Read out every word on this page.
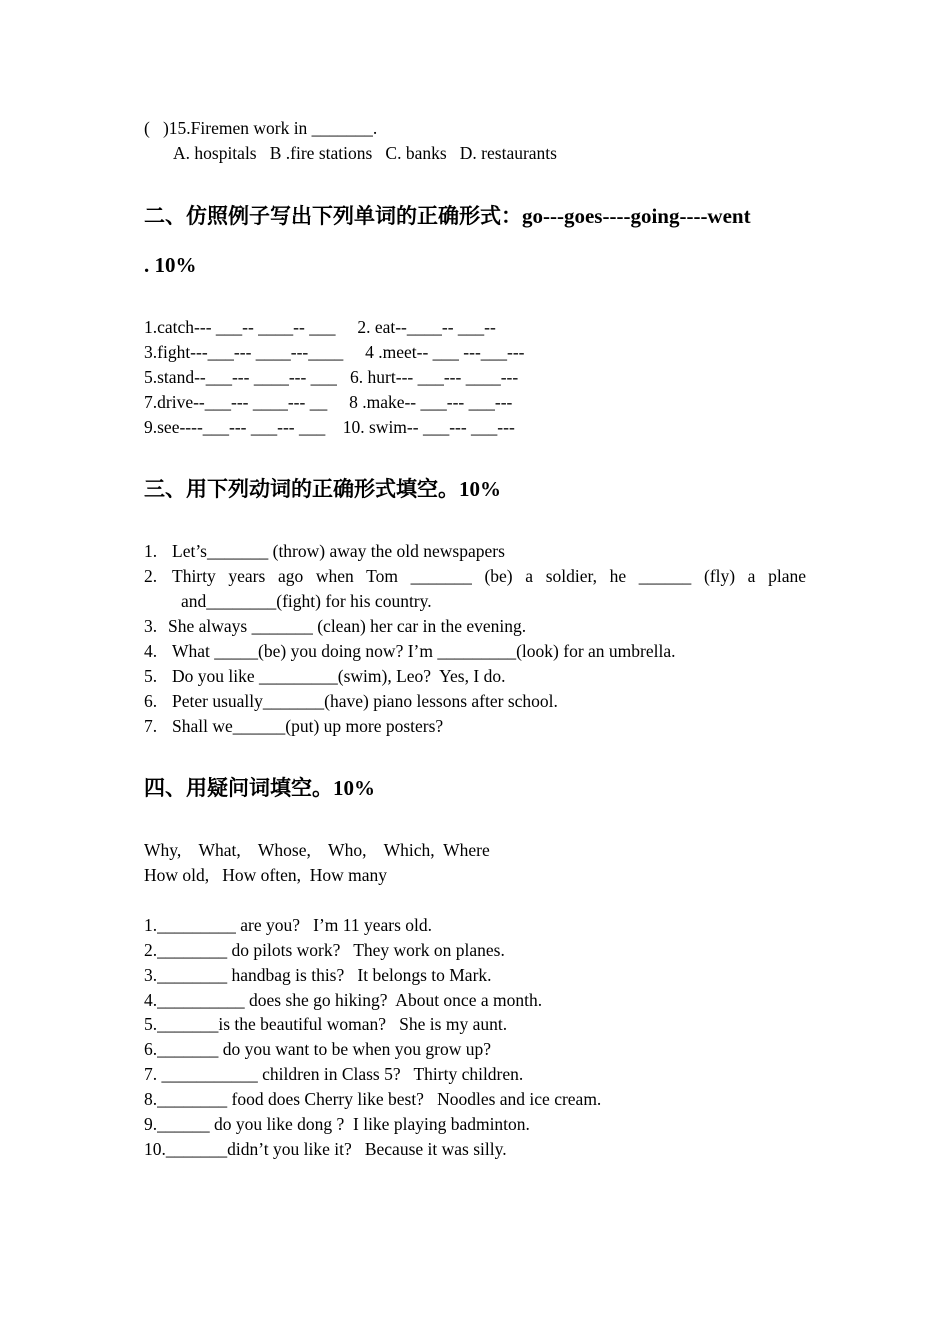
(   )15.Firemen work in _______.
A. hospitals   B .fire stations   C. banks   D. restaurants
二、仿照例子写出下列单词的正确形式：go---goes----going----went
. 10%
1.catch--- ___-- ____-- ___     2. eat--____-- ___--
3.fight---___--- ____---____     4 .meet-- ___ ---___---
5.stand--___--- ____--- ___   6. hurt--- ___--- ____---
7.drive--___--- ____--- __     8 .make-- ___--- ___---
9.see----___--- ___--- ___    10. swim-- ___--- ___---
三、用下列动词的正确形式填空。10%
1. Let’s_______ (throw) away the old newspapers
2. Thirty years ago when Tom _______ (be) a soldier, he ______ (fly) a plane
and________(fight) for his country.
3. She always _______ (clean) her car in the evening.
4. What _____(be) you doing now? I’m _________(look) for an umbrella.
5. Do you like _________(swim), Leo?  Yes, I do.
6. Peter usually_______(have) piano lessons after school.
7. Shall we______(put) up more posters?
四、用疑问词填空。10%
Why,    What,    Whose,    Who,    Which,  Where
How old,   How often,  How many
1._________ are you?   I’m 11 years old.
2.________ do pilots work?   They work on planes.
3.________ handbag is this?   It belongs to Mark.
4.__________ does she go hiking?  About once a month.
5._______is the beautiful woman?   She is my aunt.
6._______ do you want to be when you grow up?
7. ___________ children in Class 5?   Thirty children.
8.________ food does Cherry like best?   Noodles and ice cream.
9.______ do you like dong ?  I like playing badminton.
10._______didn’t you like it?   Because it was silly.
